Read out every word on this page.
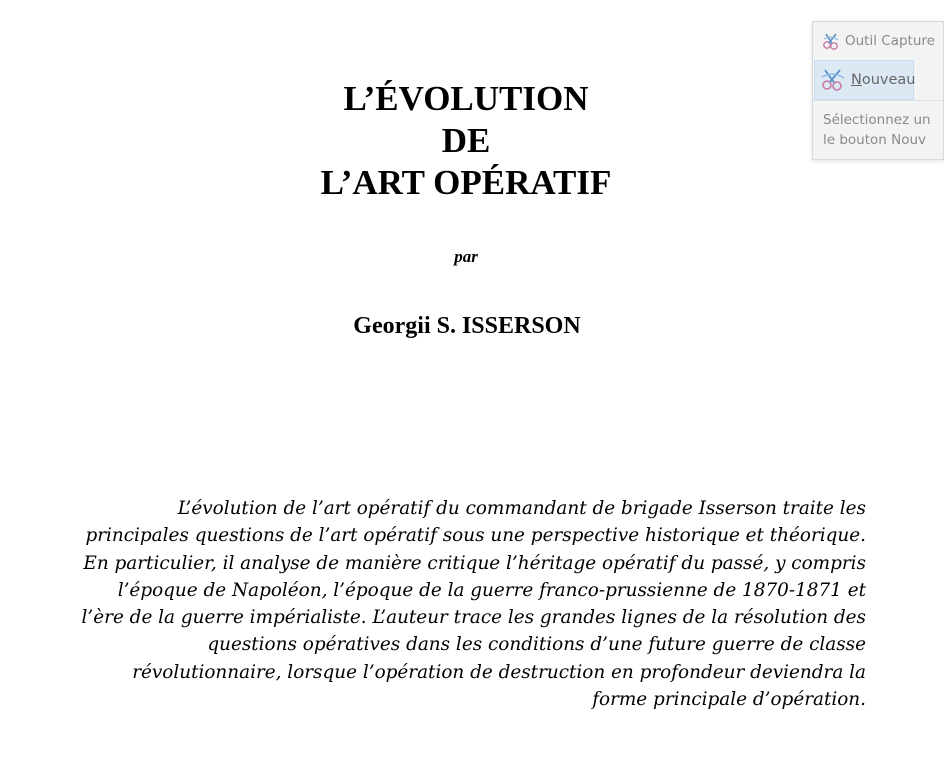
L’ÉVOLUTION
DE
L’ART OPÉRATIF
par
Georgii S. ISSERSON
L’évolution de l’art opératif du commandant de brigade Isserson traite les
principales questions de l’art opératif sous une perspective historique et théorique.
En particulier, il analyse de manière critique l’héritage opératif du passé, y compris
l’époque de Napoléon, l’époque de la guerre franco-prussienne de 1870-1871 et
l’ère de la guerre impérialiste. L’auteur trace les grandes lignes de la résolution des
questions opératives dans les conditions d’une future guerre de classe
révolutionnaire, lorsque l’opération de destruction en profondeur deviendra la
forme principale d’opération.
Outil Capture
Nouveau
Sélectionnez un
le bouton Nouv
